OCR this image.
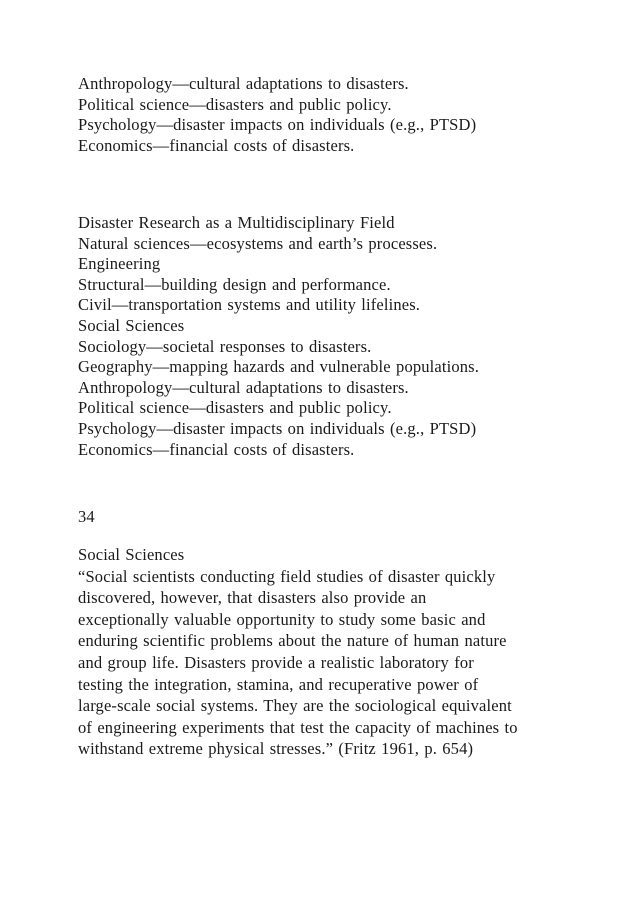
Anthropology—cultural adaptations to disasters.
Political science—disasters and public policy.
Psychology—disaster impacts on individuals (e.g., PTSD)
Economics—financial costs of disasters.
Disaster Research as a Multidisciplinary Field
Natural sciences—ecosystems and earth’s processes.
Engineering
Structural—building design and performance.
Civil—transportation systems and utility lifelines.
Social Sciences
Sociology—societal responses to disasters.
Geography—mapping hazards and vulnerable populations.
Anthropology—cultural adaptations to disasters.
Political science—disasters and public policy.
Psychology—disaster impacts on individuals (e.g., PTSD)
Economics—financial costs of disasters.
34
Social Sciences
“Social scientists conducting field studies of disaster quickly
discovered, however, that disasters also provide an
exceptionally valuable opportunity to study some basic and
enduring scientific problems about the nature of human nature
and group life. Disasters provide a realistic laboratory for
testing the integration, stamina, and recuperative power of
large-scale social systems. They are the sociological equivalent
of engineering experiments that test the capacity of machines to
withstand extreme physical stresses.” (Fritz 1961, p. 654)
